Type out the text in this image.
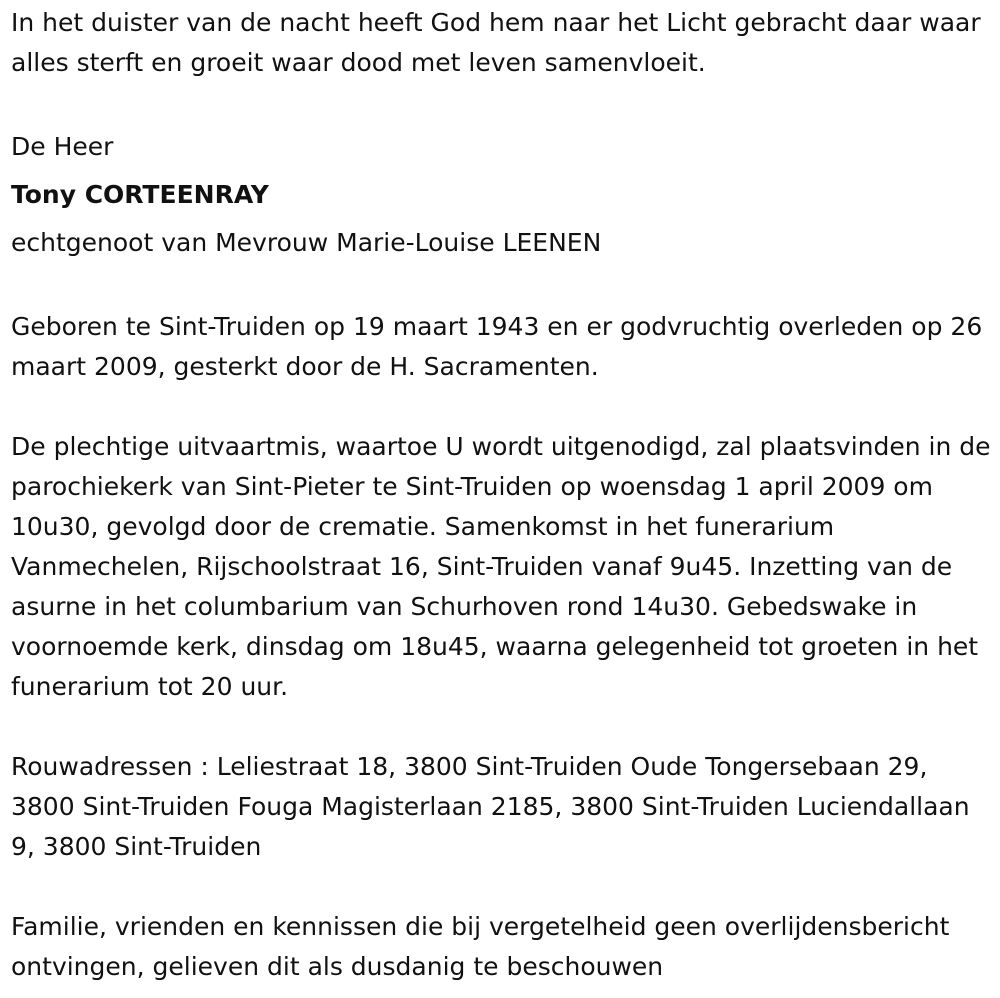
In het duister van de nacht heeft God hem naar het Licht gebracht daar waar alles sterft en groeit waar dood met leven samenvloeit.

De Heer

Tony CORTEENRAY

echtgenoot van Mevrouw Marie-Louise LEENEN

Geboren te Sint-Truiden op 19 maart 1943 en er godvruchtig overleden op 26 maart 2009, gesterkt door de H. Sacramenten.

De plechtige uitvaartmis, waartoe U wordt uitgenodigd, zal plaatsvinden in de parochiekerk van Sint-Pieter te Sint-Truiden op woensdag 1 april 2009 om 10u30, gevolgd door de crematie. Samenkomst in het funerarium Vanmechelen, Rijschoolstraat 16, Sint-Truiden vanaf 9u45. Inzetting van de asurne in het columbarium van Schurhoven rond 14u30. Gebedswake in voornoemde kerk, dinsdag om 18u45, waarna gelegenheid tot groeten in het funerarium tot 20 uur.

Rouwadressen : Leliestraat 18, 3800 Sint-Truiden Oude Tongersebaan 29, 3800 Sint-Truiden Fouga Magisterlaan 2185, 3800 Sint-Truiden Luciendallaan 9, 3800 Sint-Truiden

Familie, vrienden en kennissen die bij vergetelheid geen overlijdensbericht ontvingen, gelieven dit als dusdanig te beschouwen
